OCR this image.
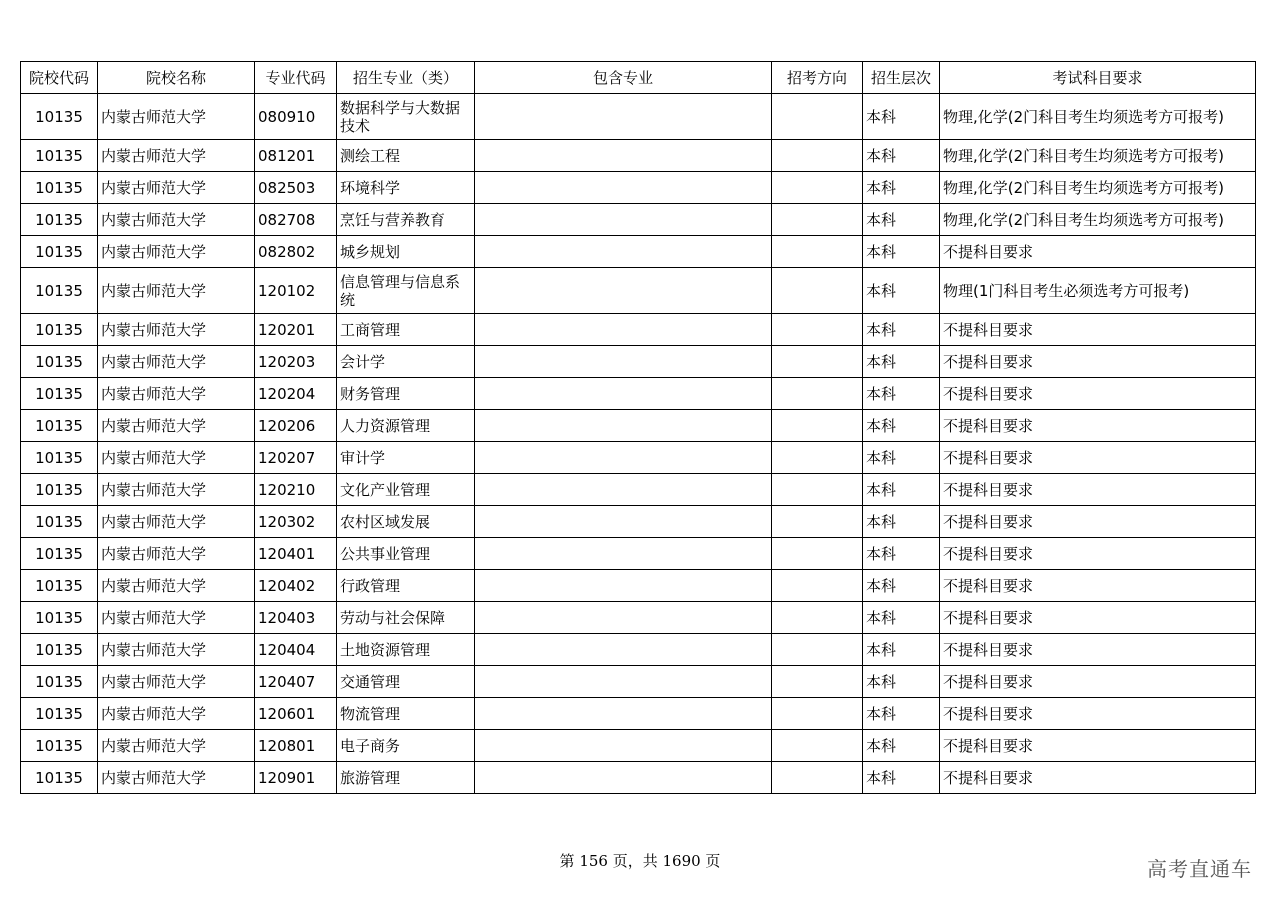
院校代码	院校名称	专业代码	招生专业（类）	包含专业	招考方向	招生层次	考试科目要求
10135	内蒙古师范大学	080910	数据科学与大数据技术			本科	物理,化学(2门科目考生均须选考方可报考)
10135	内蒙古师范大学	081201	测绘工程			本科	物理,化学(2门科目考生均须选考方可报考)
10135	内蒙古师范大学	082503	环境科学			本科	物理,化学(2门科目考生均须选考方可报考)
10135	内蒙古师范大学	082708	烹饪与营养教育			本科	物理,化学(2门科目考生均须选考方可报考)
10135	内蒙古师范大学	082802	城乡规划			本科	不提科目要求
10135	内蒙古师范大学	120102	信息管理与信息系统			本科	物理(1门科目考生必须选考方可报考)
10135	内蒙古师范大学	120201	工商管理			本科	不提科目要求
10135	内蒙古师范大学	120203	会计学			本科	不提科目要求
10135	内蒙古师范大学	120204	财务管理			本科	不提科目要求
10135	内蒙古师范大学	120206	人力资源管理			本科	不提科目要求
10135	内蒙古师范大学	120207	审计学			本科	不提科目要求
10135	内蒙古师范大学	120210	文化产业管理			本科	不提科目要求
10135	内蒙古师范大学	120302	农村区域发展			本科	不提科目要求
10135	内蒙古师范大学	120401	公共事业管理			本科	不提科目要求
10135	内蒙古师范大学	120402	行政管理			本科	不提科目要求
10135	内蒙古师范大学	120403	劳动与社会保障			本科	不提科目要求
10135	内蒙古师范大学	120404	土地资源管理			本科	不提科目要求
10135	内蒙古师范大学	120407	交通管理			本科	不提科目要求
10135	内蒙古师范大学	120601	物流管理			本科	不提科目要求
10135	内蒙古师范大学	120801	电子商务			本科	不提科目要求
10135	内蒙古师范大学	120901	旅游管理			本科	不提科目要求
第 156 页，共 1690 页	高考直通车
